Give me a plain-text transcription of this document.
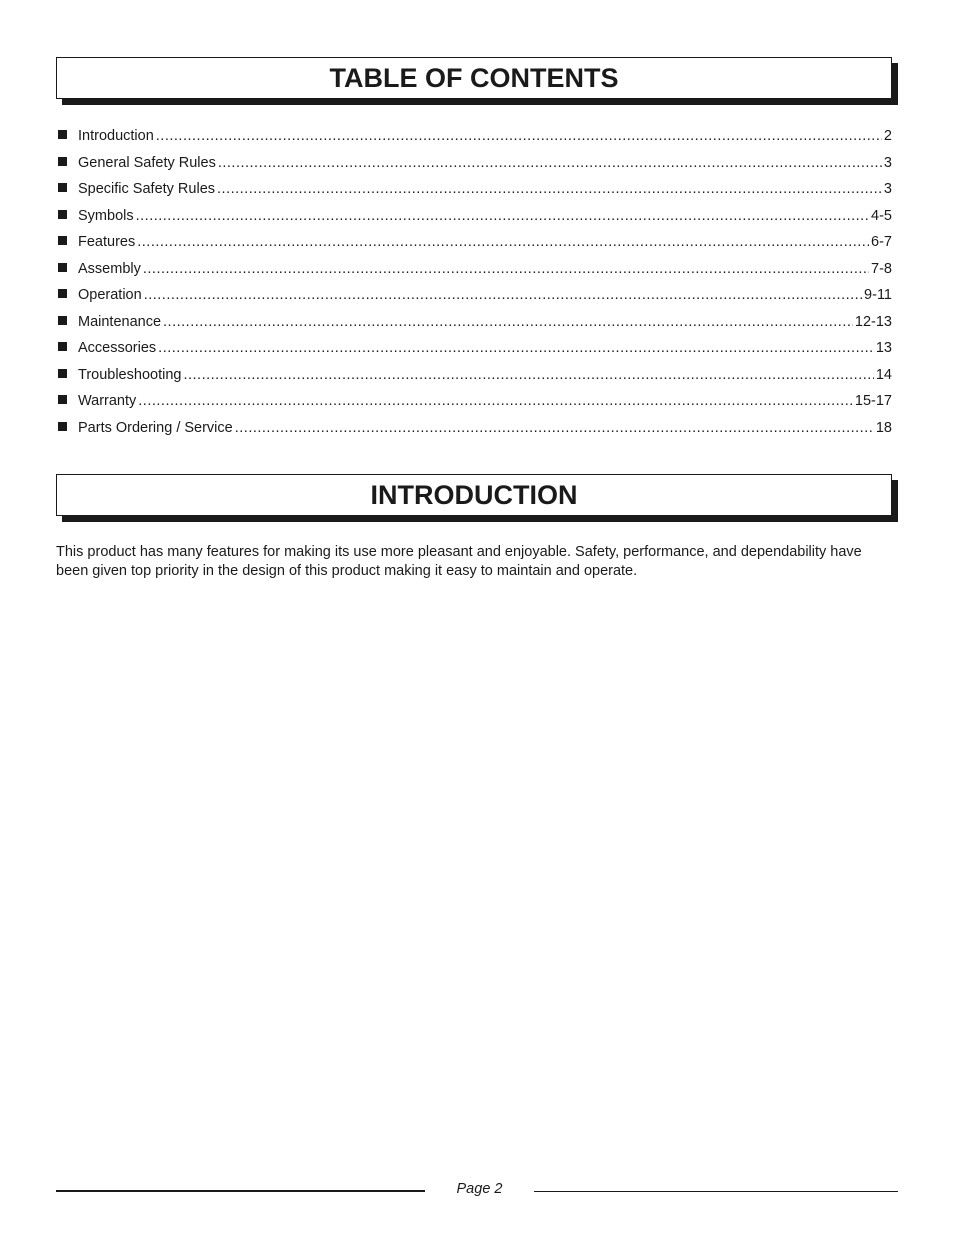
TABLE OF CONTENTS
Introduction .....	2
General Safety Rules .....	3
Specific Safety Rules .....	3
Symbols .....	4-5
Features .....	6-7
Assembly .....	7-8
Operation .....	9-11
Maintenance .....	12-13
Accessories .....	13
Troubleshooting .....	14
Warranty .....	15-17
Parts Ordering / Service .....	18
INTRODUCTION

This product has many features for making its use more pleasant and enjoyable. Safety, performance, and dependability have been given top priority in the design of this product making it easy to maintain and operate.

Page 2
